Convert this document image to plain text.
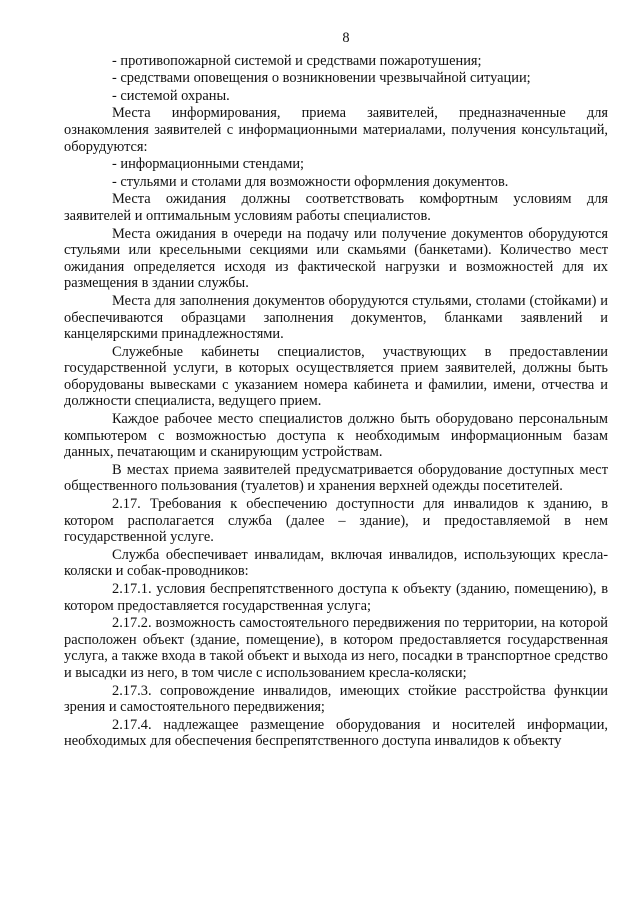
8

- противопожарной системой и средствами пожаротушения;

- средствами оповещения о возникновении чрезвычайной ситуации;

- системой охраны.

Места информирования, приема заявителей, предназначенные для ознакомления заявителей с информационными материалами, получения консультаций, оборудуются:

- информационными стендами;

- стульями и столами для возможности оформления документов.

Места ожидания должны соответствовать комфортным условиям для заявителей и оптимальным условиям работы специалистов.

Места ожидания в очереди на подачу или получение документов оборудуются стульями или кресельными секциями или скамьями (банкетами). Количество мест ожидания определяется исходя из фактической нагрузки и возможностей для их размещения в здании службы.

Места для заполнения документов оборудуются стульями, столами (стойками) и обеспечиваются образцами заполнения документов, бланками заявлений и канцелярскими принадлежностями.

Служебные кабинеты специалистов, участвующих в предоставлении государственной услуги, в которых осуществляется прием заявителей, должны быть оборудованы вывесками с указанием номера кабинета и фамилии, имени, отчества и должности специалиста, ведущего прием.

Каждое рабочее место специалистов должно быть оборудовано персональным компьютером с возможностью доступа к необходимым информационным базам данных, печатающим и сканирующим устройствам.

В местах приема заявителей предусматривается оборудование доступных мест общественного пользования (туалетов) и хранения верхней одежды посетителей.

2.17. Требования к обеспечению доступности для инвалидов к зданию, в котором располагается служба (далее – здание), и предоставляемой в нем государственной услуге.

Служба обеспечивает инвалидам, включая инвалидов, использующих кресла-коляски и собак-проводников:

2.17.1. условия беспрепятственного доступа к объекту (зданию, помещению), в котором предоставляется государственная услуга;

2.17.2. возможность самостоятельного передвижения по территории, на которой расположен объект (здание, помещение), в котором предоставляется государственная услуга, а также входа в такой объект и выхода из него, посадки в транспортное средство и высадки из него, в том числе с использованием кресла-коляски;

2.17.3. сопровождение инвалидов, имеющих стойкие расстройства функции зрения и самостоятельного передвижения;

2.17.4. надлежащее размещение оборудования и носителей информации, необходимых для обеспечения беспрепятственного доступа инвалидов к объекту
